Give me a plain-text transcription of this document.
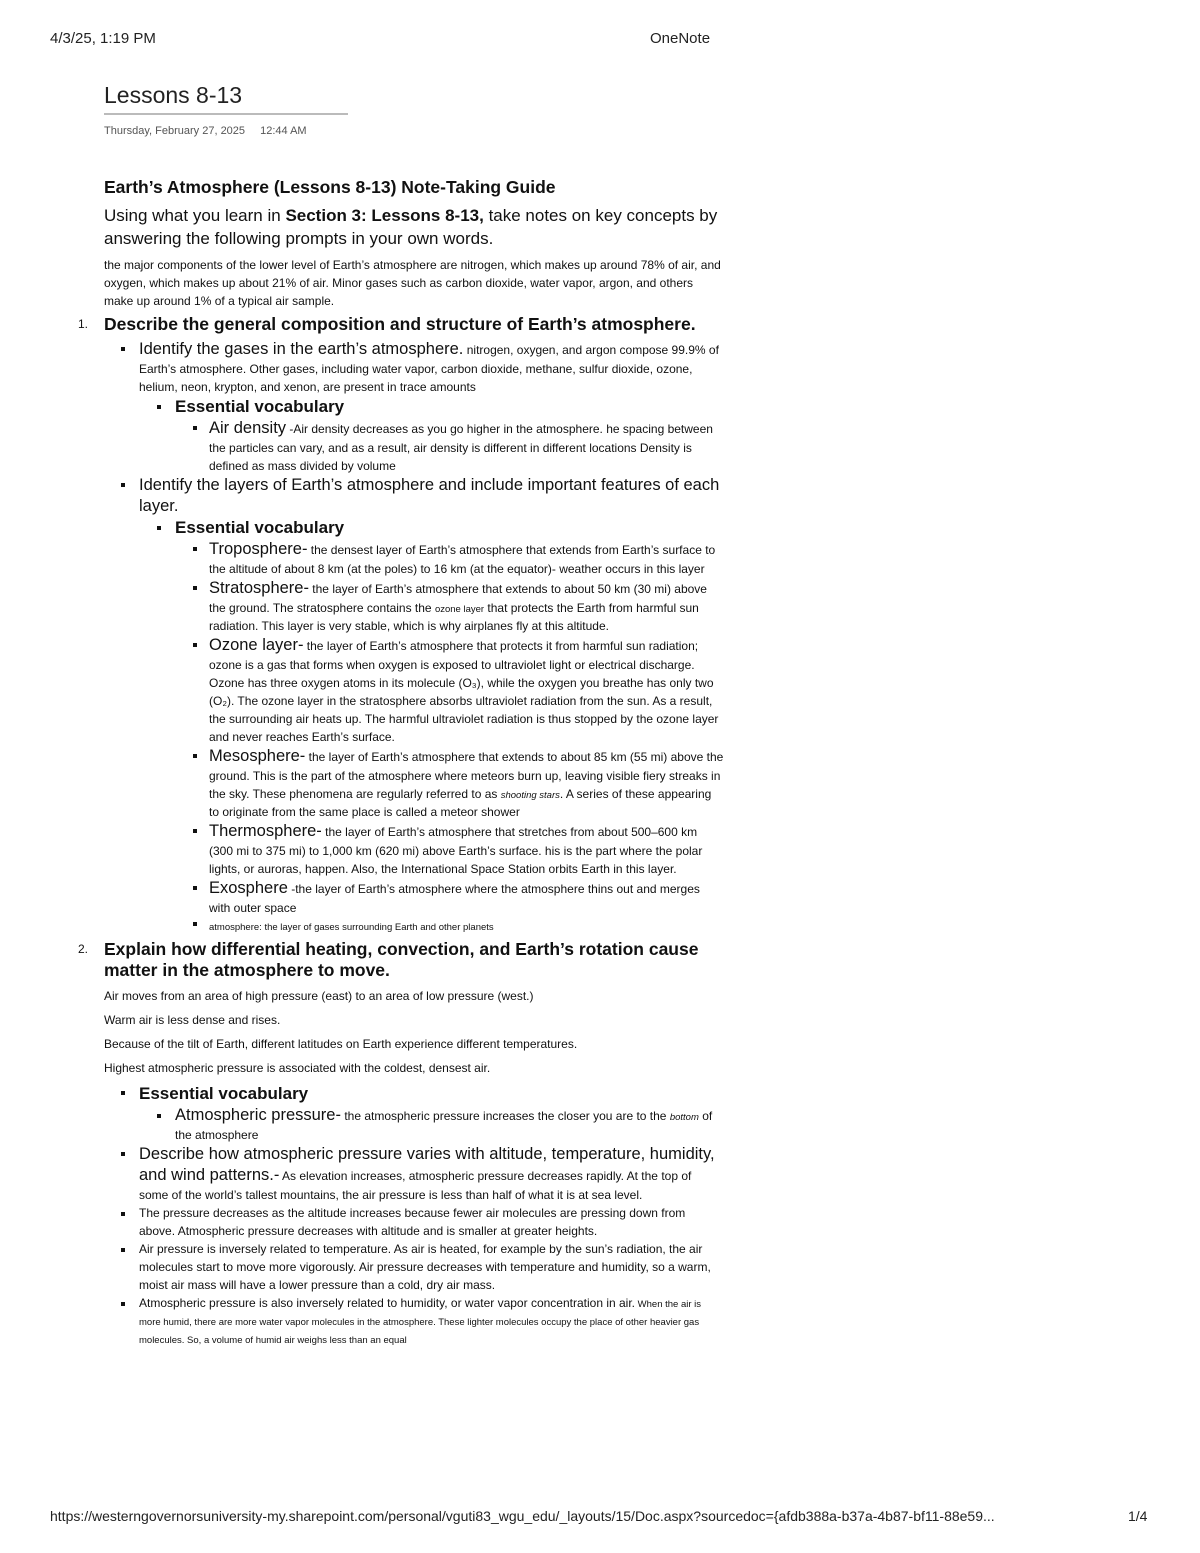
4/3/25, 1:19 PM	OneNote
Lessons 8-13
Thursday, February 27, 2025 12:44 AM
Earth’s Atmosphere (Lessons 8-13) Note-Taking Guide

Using what you learn in Section 3: Lessons 8-13, take notes on key concepts by answering the following prompts in your own words.

the major components of the lower level of Earth’s atmosphere are nitrogen, which makes up around 78% of air, and oxygen, which makes up about 21% of air. Minor gases such as carbon dioxide, water vapor, argon, and others make up around 1% of a typical air sample.

1. Describe the general composition and structure of Earth’s atmosphere.
Identify the gases in the earth’s atmosphere. nitrogen, oxygen, and argon compose 99.9% of Earth’s atmosphere. Other gases, including water vapor, carbon dioxide, methane, sulfur dioxide, ozone, helium, neon, krypton, and xenon, are present in trace amounts
Essential vocabulary
Air density -Air density decreases as you go higher in the atmosphere. he spacing between the particles can vary, and as a result, air density is different in different locations Density is defined as mass divided by volume
Identify the layers of Earth’s atmosphere and include important features of each layer.
Essential vocabulary
Troposphere- the densest layer of Earth’s atmosphere that extends from Earth’s surface to the altitude of about 8 km (at the poles) to 16 km (at the equator)- weather occurs in this layer
Stratosphere- the layer of Earth’s atmosphere that extends to about 50 km (30 mi) above the ground. The stratosphere contains the ozone layer that protects the Earth from harmful sun radiation. This layer is very stable, which is why airplanes fly at this altitude.
Ozone layer- the layer of Earth’s atmosphere that protects it from harmful sun radiation; ozone is a gas that forms when oxygen is exposed to ultraviolet light or electrical discharge. Ozone has three oxygen atoms in its molecule (O₃), while the oxygen you breathe has only two (O₂). The ozone layer in the stratosphere absorbs ultraviolet radiation from the sun. As a result, the surrounding air heats up. The harmful ultraviolet radiation is thus stopped by the ozone layer and never reaches Earth’s surface.
Mesosphere- the layer of Earth’s atmosphere that extends to about 85 km (55 mi) above the ground. This is the part of the atmosphere where meteors burn up, leaving visible fiery streaks in the sky. These phenomena are regularly referred to as shooting stars. A series of these appearing to originate from the same place is called a meteor shower
Thermosphere- the layer of Earth’s atmosphere that stretches from about 500–600 km (300 mi to 375 mi) to 1,000 km (620 mi) above Earth’s surface. his is the part where the polar lights, or auroras, happen. Also, the International Space Station orbits Earth in this layer.
Exosphere -the layer of Earth’s atmosphere where the atmosphere thins out and merges with outer space
atmosphere: the layer of gases surrounding Earth and other planets
2. Explain how differential heating, convection, and Earth’s rotation cause matter in the atmosphere to move.

Air moves from an area of high pressure (east) to an area of low pressure (west.)

Warm air is less dense and rises.

Because of the tilt of Earth, different latitudes on Earth experience different temperatures.

Highest atmospheric pressure is associated with the coldest, densest air.

Essential vocabulary
Atmospheric pressure- the atmospheric pressure increases the closer you are to the bottom of the atmosphere
Describe how atmospheric pressure varies with altitude, temperature, humidity, and wind patterns.- As elevation increases, atmospheric pressure decreases rapidly. At the top of some of the world’s tallest mountains, the air pressure is less than half of what it is at sea level.
The pressure decreases as the altitude increases because fewer air molecules are pressing down from above. Atmospheric pressure decreases with altitude and is smaller at greater heights.
Air pressure is inversely related to temperature. As air is heated, for example by the sun’s radiation, the air molecules start to move more vigorously. Air pressure decreases with temperature and humidity, so a warm, moist air mass will have a lower pressure than a cold, dry air mass.
Atmospheric pressure is also inversely related to humidity, or water vapor concentration in air. When the air is more humid, there are more water vapor molecules in the atmosphere. These lighter molecules occupy the place of other heavier gas molecules. So, a volume of humid air weighs less than an equal
https://westerngovernorsuniversity-my.sharepoint.com/personal/vguti83_wgu_edu/_layouts/15/Doc.aspx?sourcedoc={afdb388a-b37a-4b87-bf11-88e59...	1/4
